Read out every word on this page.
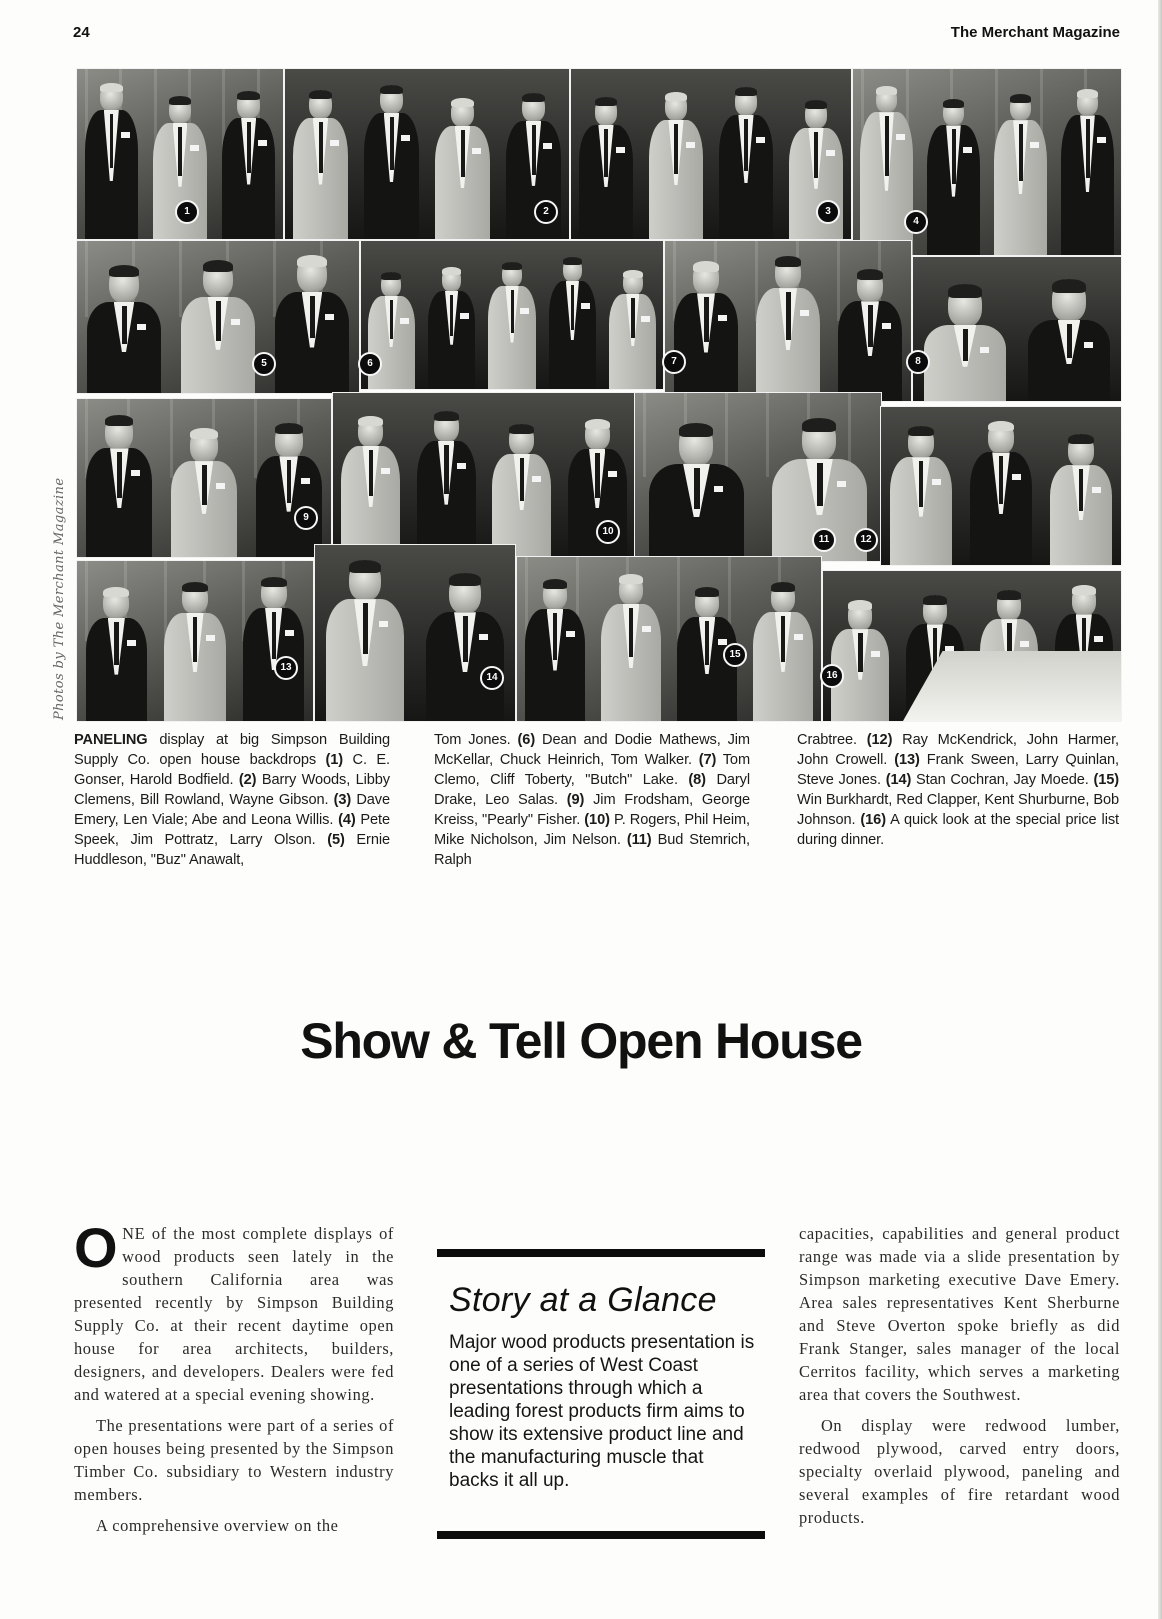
24	The Merchant Magazine
Photos by The Merchant Magazine
1	2	3
4
5	6	7	8
9
10
11	12
13
14
15
16
PANELING display at big Simpson Building Supply Co. open house backdrops (1) C. E. Gonser, Harold Bodfield. (2) Barry Woods, Libby Clemens, Bill Rowland, Wayne Gibson. (3) Dave Emery, Len Viale; Abe and Leona Willis. (4) Pete Speek, Jim Pottratz, Larry Olson. (5) Ernie Huddleson, "Buz" Anawalt,
Tom Jones. (6) Dean and Dodie Mathews, Jim McKellar, Chuck Heinrich, Tom Walker. (7) Tom Clemo, Cliff Toberty, "Butch" Lake. (8) Daryl Drake, Leo Salas. (9) Jim Frodsham, George Kreiss, "Pearly" Fisher. (10) P. Rogers, Phil Heim, Mike Nicholson, Jim Nelson. (11) Bud Stemrich, Ralph
Crabtree. (12) Ray McKendrick, John Harmer, John Crowell. (13) Frank Sween, Larry Quinlan, Steve Jones. (14) Stan Cochran, Jay Moede. (15) Win Burkhardt, Red Clapper, Kent Shurburne, Bob Johnson. (16) A quick look at the special price list during dinner.
Show & Tell Open House

ONE of the most complete displays of wood products seen lately in the southern California area was presented recently by Simpson Building Supply Co. at their recent daytime open house for area architects, builders, designers, and developers. Dealers were fed and watered at a special evening showing.

The presentations were part of a series of open houses being presented by the Simpson Timber Co. subsidiary to Western industry members.

A comprehensive overview on the

Story at a Glance
Major wood products presentation is one of a series of West Coast presentations through which a leading forest products firm aims to show its extensive product line and the manufacturing muscle that backs it all up.

capacities, capabilities and general product range was made via a slide presentation by Simpson marketing executive Dave Emery. Area sales representatives Kent Sherburne and Steve Overton spoke briefly as did Frank Stanger, sales manager of the local Cerritos facility, which serves a marketing area that covers the Southwest.

On display were redwood lumber, redwood plywood, carved entry doors, specialty overlaid plywood, paneling and several examples of fire retardant wood products.
